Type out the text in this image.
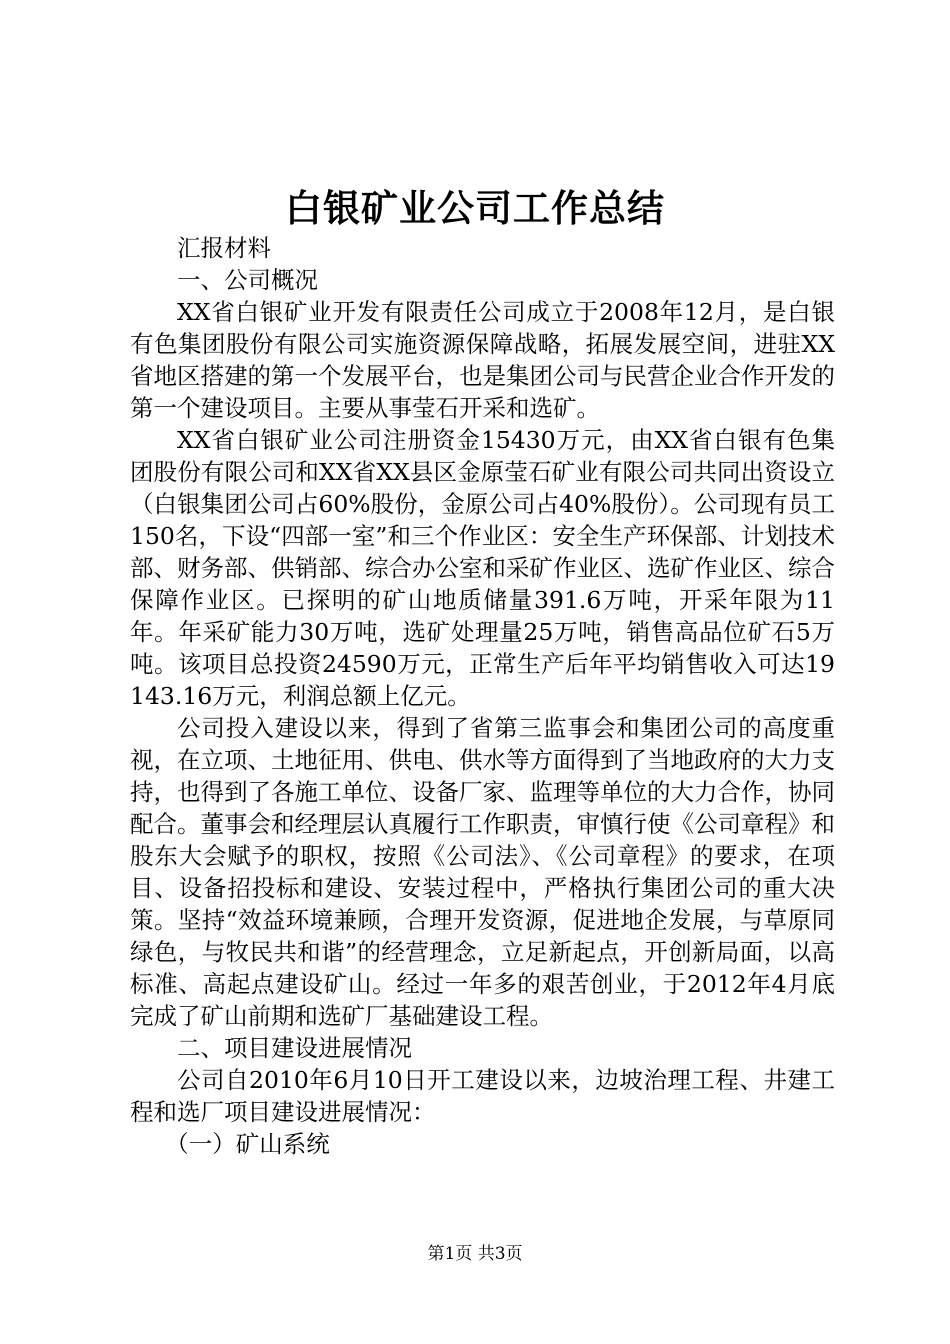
白银矿业公司工作总结

汇报材料

一、公司概况

XX省白银矿业开发有限责任公司成立于2008年12月，是白银有色集团股份有限公司实施资源保障战略，拓展发展空间，进驻XX省地区搭建的第一个发展平台，也是集团公司与民营企业合作开发的第一个建设项目。主要从事莹石开采和选矿。

XX省白银矿业公司注册资金15430万元，由XX省白银有色集团股份有限公司和XX省XX县区金原莹石矿业有限公司共同出资设立（白银集团公司占60%股份，金原公司占40%股份）。公司现有员工150名，下设“四部一室”和三个作业区：安全生产环保部、计划技术部、财务部、供销部、综合办公室和采矿作业区、选矿作业区、综合保障作业区。已探明的矿山地质储量391.6万吨，开采年限为11年。年采矿能力30万吨，选矿处理量25万吨，销售高品位矿石5万吨。该项目总投资24590万元，正常生产后年平均销售收入可达19143.16万元，利润总额上亿元。

公司投入建设以来，得到了省第三监事会和集团公司的高度重视，在立项、土地征用、供电、供水等方面得到了当地政府的大力支持，也得到了各施工单位、设备厂家、监理等单位的大力合作，协同配合。董事会和经理层认真履行工作职责，审慎行使《公司章程》和股东大会赋予的职权，按照《公司法》、《公司章程》的要求，在项目、设备招投标和建设、安装过程中，严格执行集团公司的重大决策。坚持“效益环境兼顾，合理开发资源，促进地企发展，与草原同绿色，与牧民共和谐”的经营理念，立足新起点，开创新局面，以高标准、高起点建设矿山。经过一年多的艰苦创业，于2012年4月底完成了矿山前期和选矿厂基础建设工程。

二、项目建设进展情况

公司自2010年6月10日开工建设以来，边坡治理工程、井建工程和选厂项目建设进展情况：

（一）矿山系统

第1页 共3页
